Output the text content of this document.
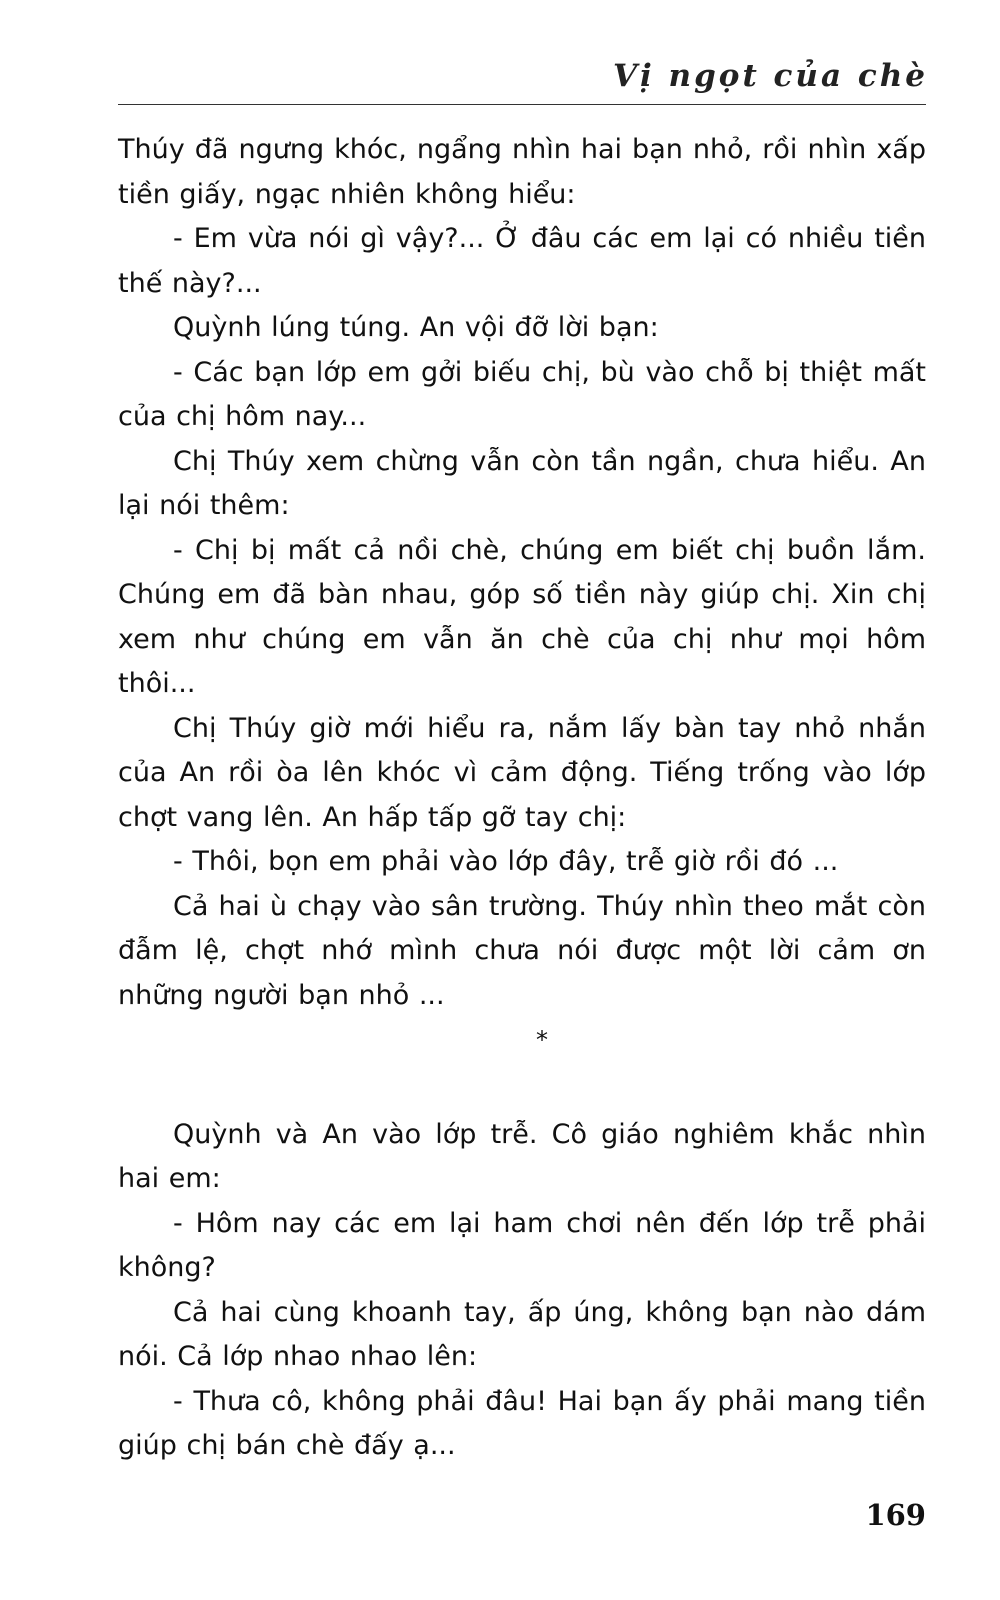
Vị ngọt của chè

Thúy đã ngưng khóc, ngẩng nhìn hai bạn nhỏ, rồi nhìn xấp tiền giấy, ngạc nhiên không hiểu:

- Em vừa nói gì vậy?... Ở đâu các em lại có nhiều tiền thế này?...

Quỳnh lúng túng. An vội đỡ lời bạn:

- Các bạn lớp em gởi biếu chị, bù vào chỗ bị thiệt mất của chị hôm nay...

Chị Thúy xem chừng vẫn còn tần ngần, chưa hiểu. An lại nói thêm:

- Chị bị mất cả nồi chè, chúng em biết chị buồn lắm. Chúng em đã bàn nhau, góp số tiền này giúp chị. Xin chị xem như chúng em vẫn ăn chè của chị như mọi hôm thôi...

Chị Thúy giờ mới hiểu ra, nắm lấy bàn tay nhỏ nhắn của An rồi òa lên khóc vì cảm động. Tiếng trống vào lớp chợt vang lên. An hấp tấp gỡ tay chị:

- Thôi, bọn em phải vào lớp đây, trễ giờ rồi đó ...

Cả hai ù chạy vào sân trường. Thúy nhìn theo mắt còn đẫm lệ, chợt nhớ mình chưa nói được một lời cảm ơn những người bạn nhỏ ...

*

Quỳnh và An vào lớp trễ. Cô giáo nghiêm khắc nhìn hai em:

- Hôm nay các em lại ham chơi nên đến lớp trễ phải không?

Cả hai cùng khoanh tay, ấp úng, không bạn nào dám nói. Cả lớp nhao nhao lên:

- Thưa cô, không phải đâu! Hai bạn ấy phải mang tiền giúp chị bán chè đấy ạ...

169
